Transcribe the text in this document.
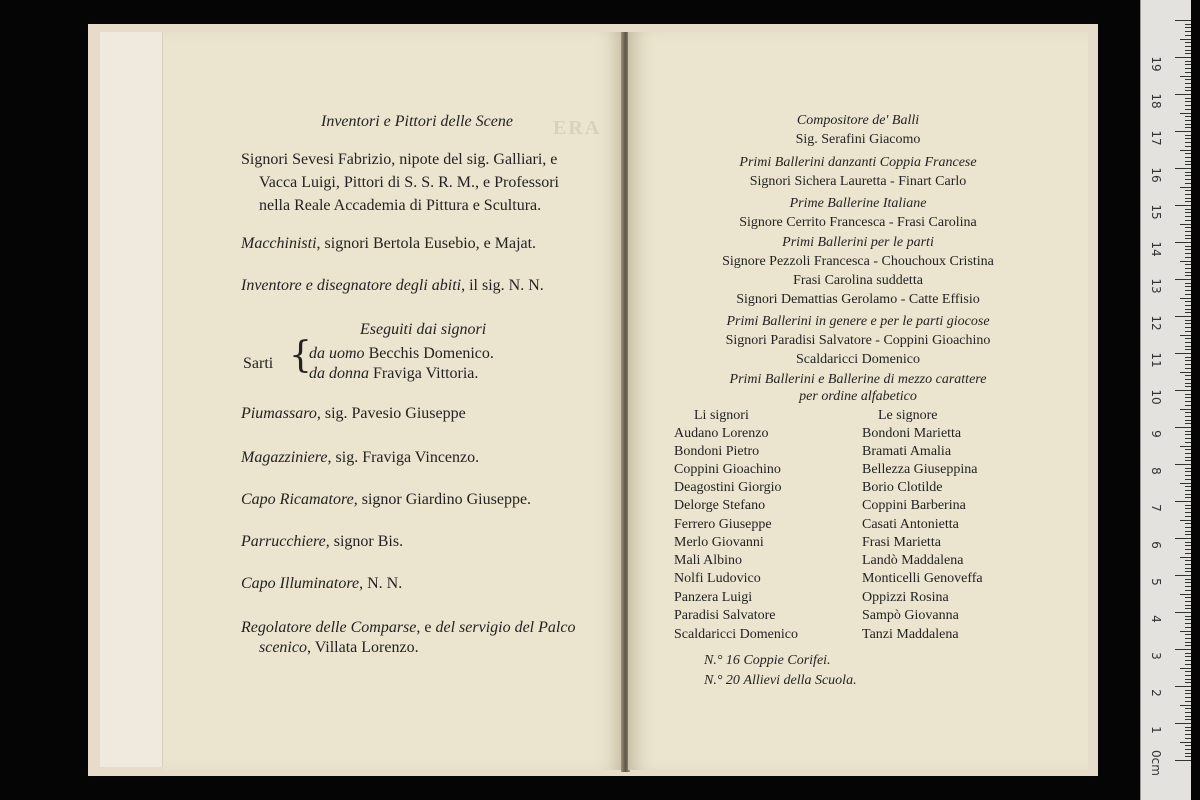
ERA
Inventori e Pittori delle Scene
Signori Sevesi Fabrizio, nipote del sig. Galliari, e
Vacca Luigi, Pittori di S. S. R. M., e Professori
nella Reale Accademia di Pittura e Scultura.
Macchinisti, signori Bertola Eusebio, e Majat.
Inventore e disegnatore degli abiti, il sig. N. N.
Eseguiti dai signori
Sarti {
da uomo Becchis Domenico.
da donna Fraviga Vittoria.
Piumassaro, sig. Pavesio Giuseppe
Magazziniere, sig. Fraviga Vincenzo.
Capo Ricamatore, signor Giardino Giuseppe.
Parrucchiere, signor Bis.
Capo Illuminatore, N. N.
Regolatore delle Comparse, e del servigio del Palco
scenico, Villata Lorenzo.
Compositore de' Balli
Sig. Serafini Giacomo
Primi Ballerini danzanti Coppia Francese
Signori Sichera Lauretta - Finart Carlo
Prime Ballerine Italiane
Signore Cerrito Francesca - Frasi Carolina
Primi Ballerini per le parti
Signore Pezzoli Francesca - Chouchoux Cristina
Frasi Carolina suddetta
Signori Demattias Gerolamo - Catte Effisio
Primi Ballerini in genere e per le parti giocose
Signori Paradisi Salvatore - Coppini Gioachino
Scaldaricci Domenico
Primi Ballerini e Ballerine di mezzo carattere
per ordine alfabetico
Li signori	Le signore
Audano Lorenzo
Bondoni Pietro
Coppini Gioachino
Deagostini Giorgio
Delorge Stefano
Ferrero Giuseppe
Merlo Giovanni
Mali Albino
Nolfi Ludovico
Panzera Luigi
Paradisi Salvatore
Scaldaricci Domenico
Bondoni Marietta
Bramati Amalia
Bellezza Giuseppina
Borio Clotilde
Coppini Barberina
Casati Antonietta
Frasi Marietta
Landò Maddalena
Monticelli Genoveffa
Oppizzi Rosina
Sampò Giovanna
Tanzi Maddalena
N.° 16 Coppie Corifei.
N.° 20 Allievi della Scuola.
0cm
1
2
3
4
5
6
7
8
9
10
11
12
13
14
15
16
17
18
19
